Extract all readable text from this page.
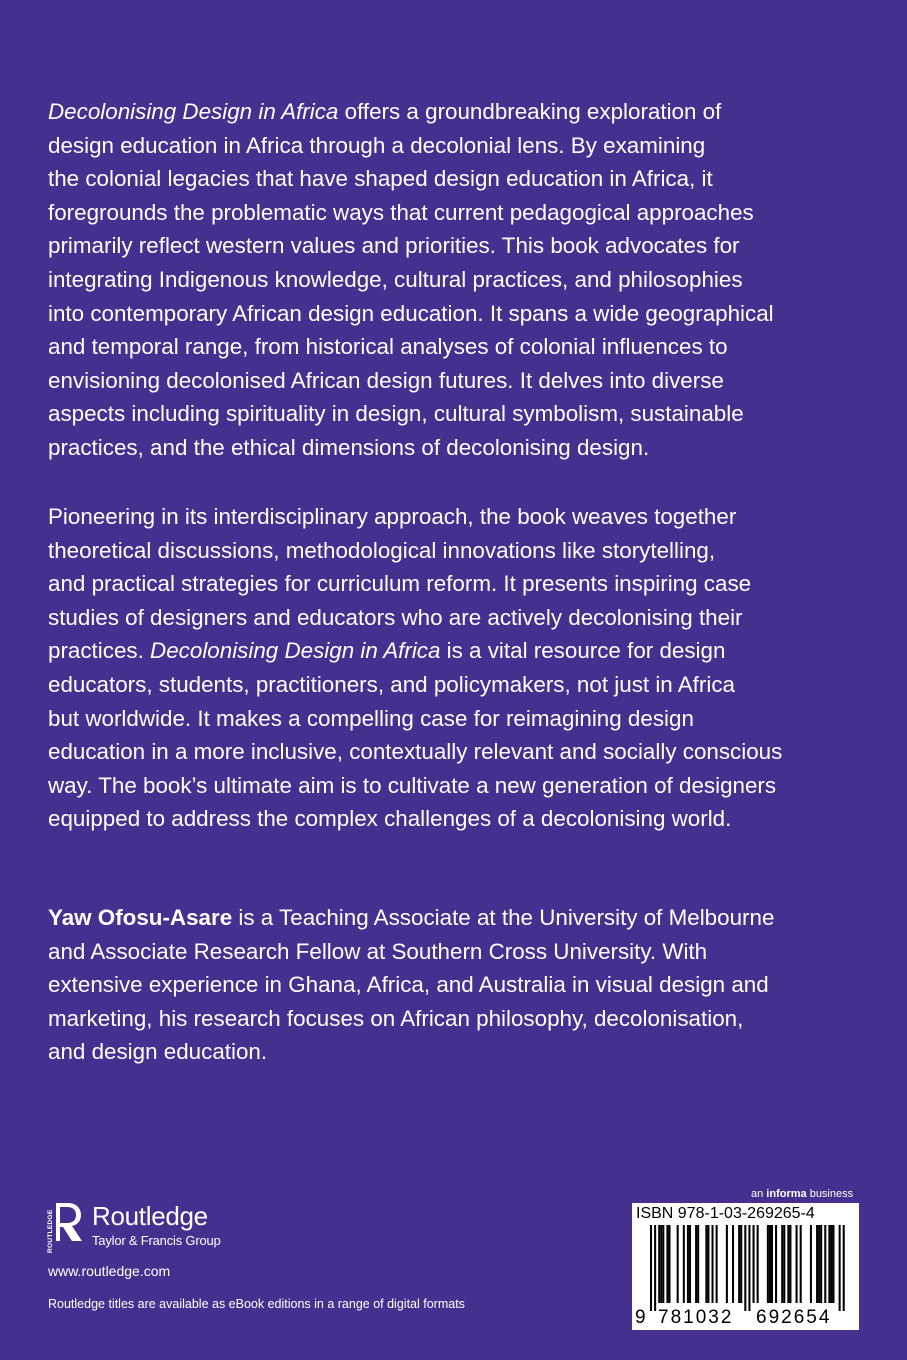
Decolonising Design in Africa offers a groundbreaking exploration of
design education in Africa through a decolonial lens. By examining
the colonial legacies that have shaped design education in Africa, it
foregrounds the problematic ways that current pedagogical approaches
primarily reflect western values and priorities. This book advocates for
integrating Indigenous knowledge, cultural practices, and philosophies
into contemporary African design education. It spans a wide geographical
and temporal range, from historical analyses of colonial influences to
envisioning decolonised African design futures. It delves into diverse
aspects including spirituality in design, cultural symbolism, sustainable
practices, and the ethical dimensions of decolonising design.
Pioneering in its interdisciplinary approach, the book weaves together
theoretical discussions, methodological innovations like storytelling,
and practical strategies for curriculum reform. It presents inspiring case
studies of designers and educators who are actively decolonising their
practices. Decolonising Design in Africa is a vital resource for design
educators, students, practitioners, and policymakers, not just in Africa
but worldwide. It makes a compelling case for reimagining design
education in a more inclusive, contextually relevant and socially conscious
way. The book’s ultimate aim is to cultivate a new generation of designers
equipped to address the complex challenges of a decolonising world.
Yaw Ofosu-Asare is a Teaching Associate at the University of Melbourne
and Associate Research Fellow at Southern Cross University. With
extensive experience in Ghana, Africa, and Australia in visual design and
marketing, his research focuses on African philosophy, decolonisation,
and design education.
ROUTLEDGE Routledge
Taylor & Francis Group
www.routledge.com
Routledge titles are available as eBook editions in a range of digital formats
an informa business
ISBN 978-1-03-269265-4
9 781032 692654
